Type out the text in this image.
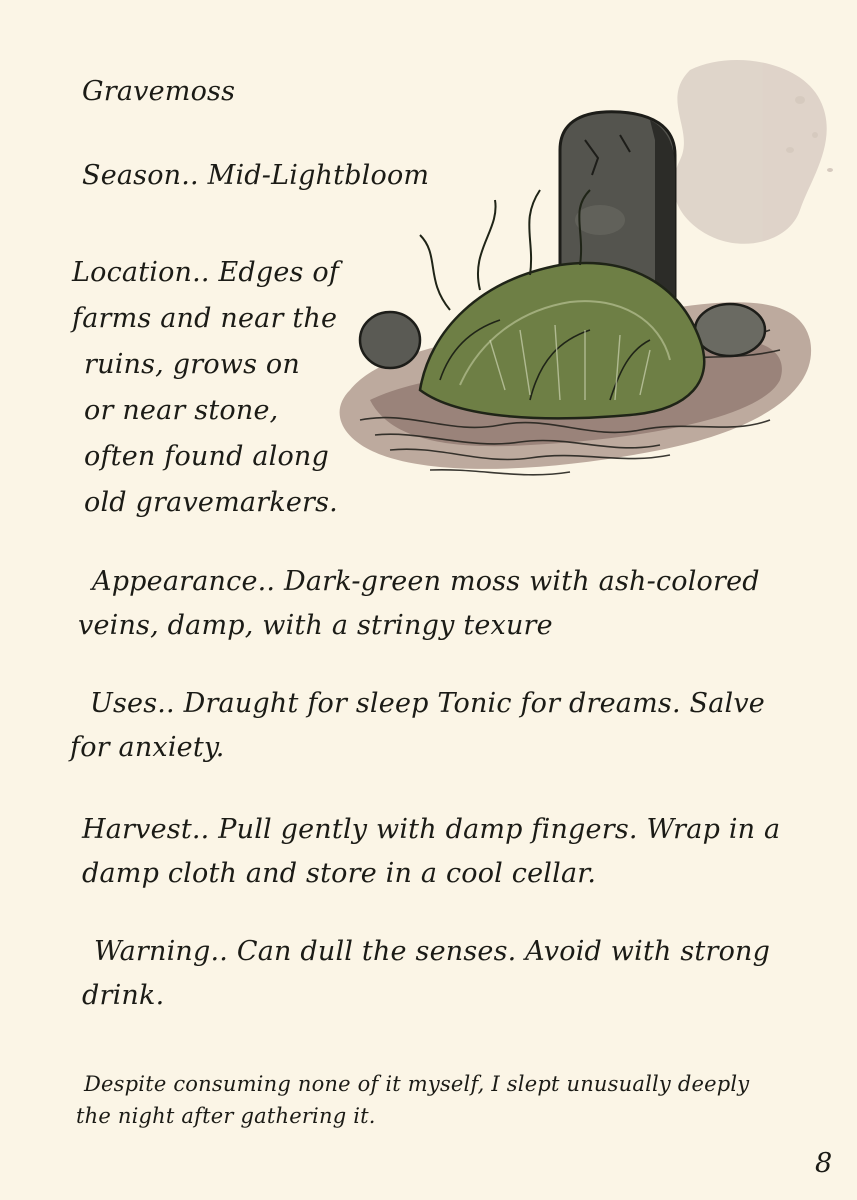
Gravemoss

Season.. Mid-Lightbloom

Location.. Edges of
farms and near the
ruins, grows on
or near stone,
often found along
old gravemarkers.

Appearance.. Dark-green moss with ash-colored
veins, damp, with a stringy texure

Uses.. Draught for sleep Tonic for dreams. Salve
for anxiety.

Harvest.. Pull gently with damp fingers. Wrap in a
damp cloth and store in a cool cellar.

Warning.. Can dull the senses. Avoid with strong
drink.

Despite consuming none of it myself, I slept unusually deeply
the night after gathering it.

8
